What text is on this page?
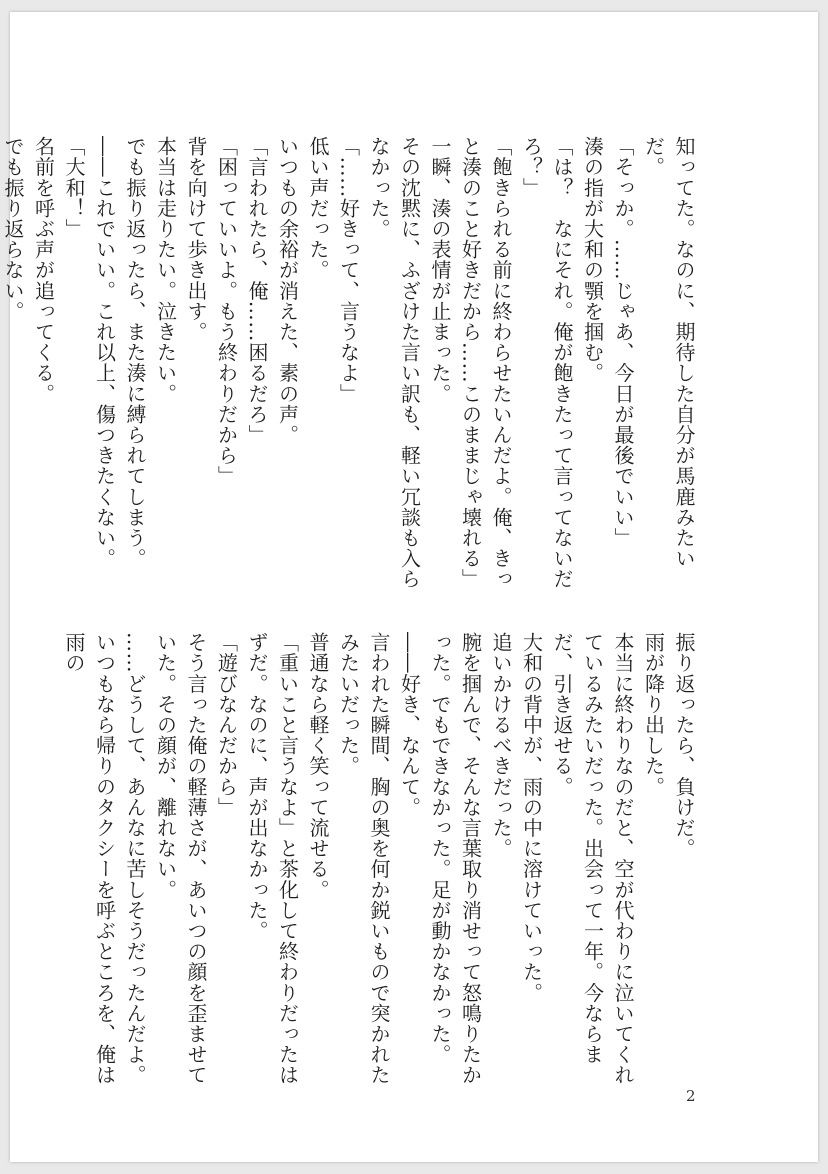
知ってた。なのに、期待した自分が馬鹿みたいだ。

「そっか。……じゃあ、今日が最後でいい」

湊の指が大和の顎を掴む。

「は？　なにそれ。俺が飽きたって言ってないだろ？」

「飽きられる前に終わらせたいんだよ。俺、きっと湊のこと好きだから……このままじゃ壊れる」

一瞬、湊の表情が止まった。

その沈黙に、ふざけた言い訳も、軽い冗談も入らなかった。

「……好きって、言うなよ」

低い声だった。

いつもの余裕が消えた、素の声。

「言われたら、俺……困るだろ」

「困っていいよ。もう終わりだから」

背を向けて歩き出す。

本当は走りたい。泣きたい。

でも振り返ったら、また湊に縛られてしまう。

――これでいい。これ以上、傷つきたくない。

「大和！」

名前を呼ぶ声が追ってくる。

でも振り返らない。

振り返ったら、負けだ。

雨が降り出した。

本当に終わりなのだと、空が代わりに泣いてくれているみたいだった。出会って一年。今ならまだ、引き返せる。

大和の背中が、雨の中に溶けていった。

追いかけるべきだった。

腕を掴んで、そんな言葉取り消せって怒鳴りたかった。でもできなかった。足が動かなかった。

――好き、なんて。

言われた瞬間、胸の奥を何か鋭いもので突かれたみたいだった。

普通なら軽く笑って流せる。

「重いこと言うなよ」と茶化して終わりだったはずだ。なのに、声が出なかった。

「遊びなんだから」

そう言った俺の軽薄さが、あいつの顔を歪ませていた。その顔が、離れない。

……どうして、あんなに苦しそうだったんだよ。

いつもなら帰りのタクシーを呼ぶところを、俺は雨の

2
